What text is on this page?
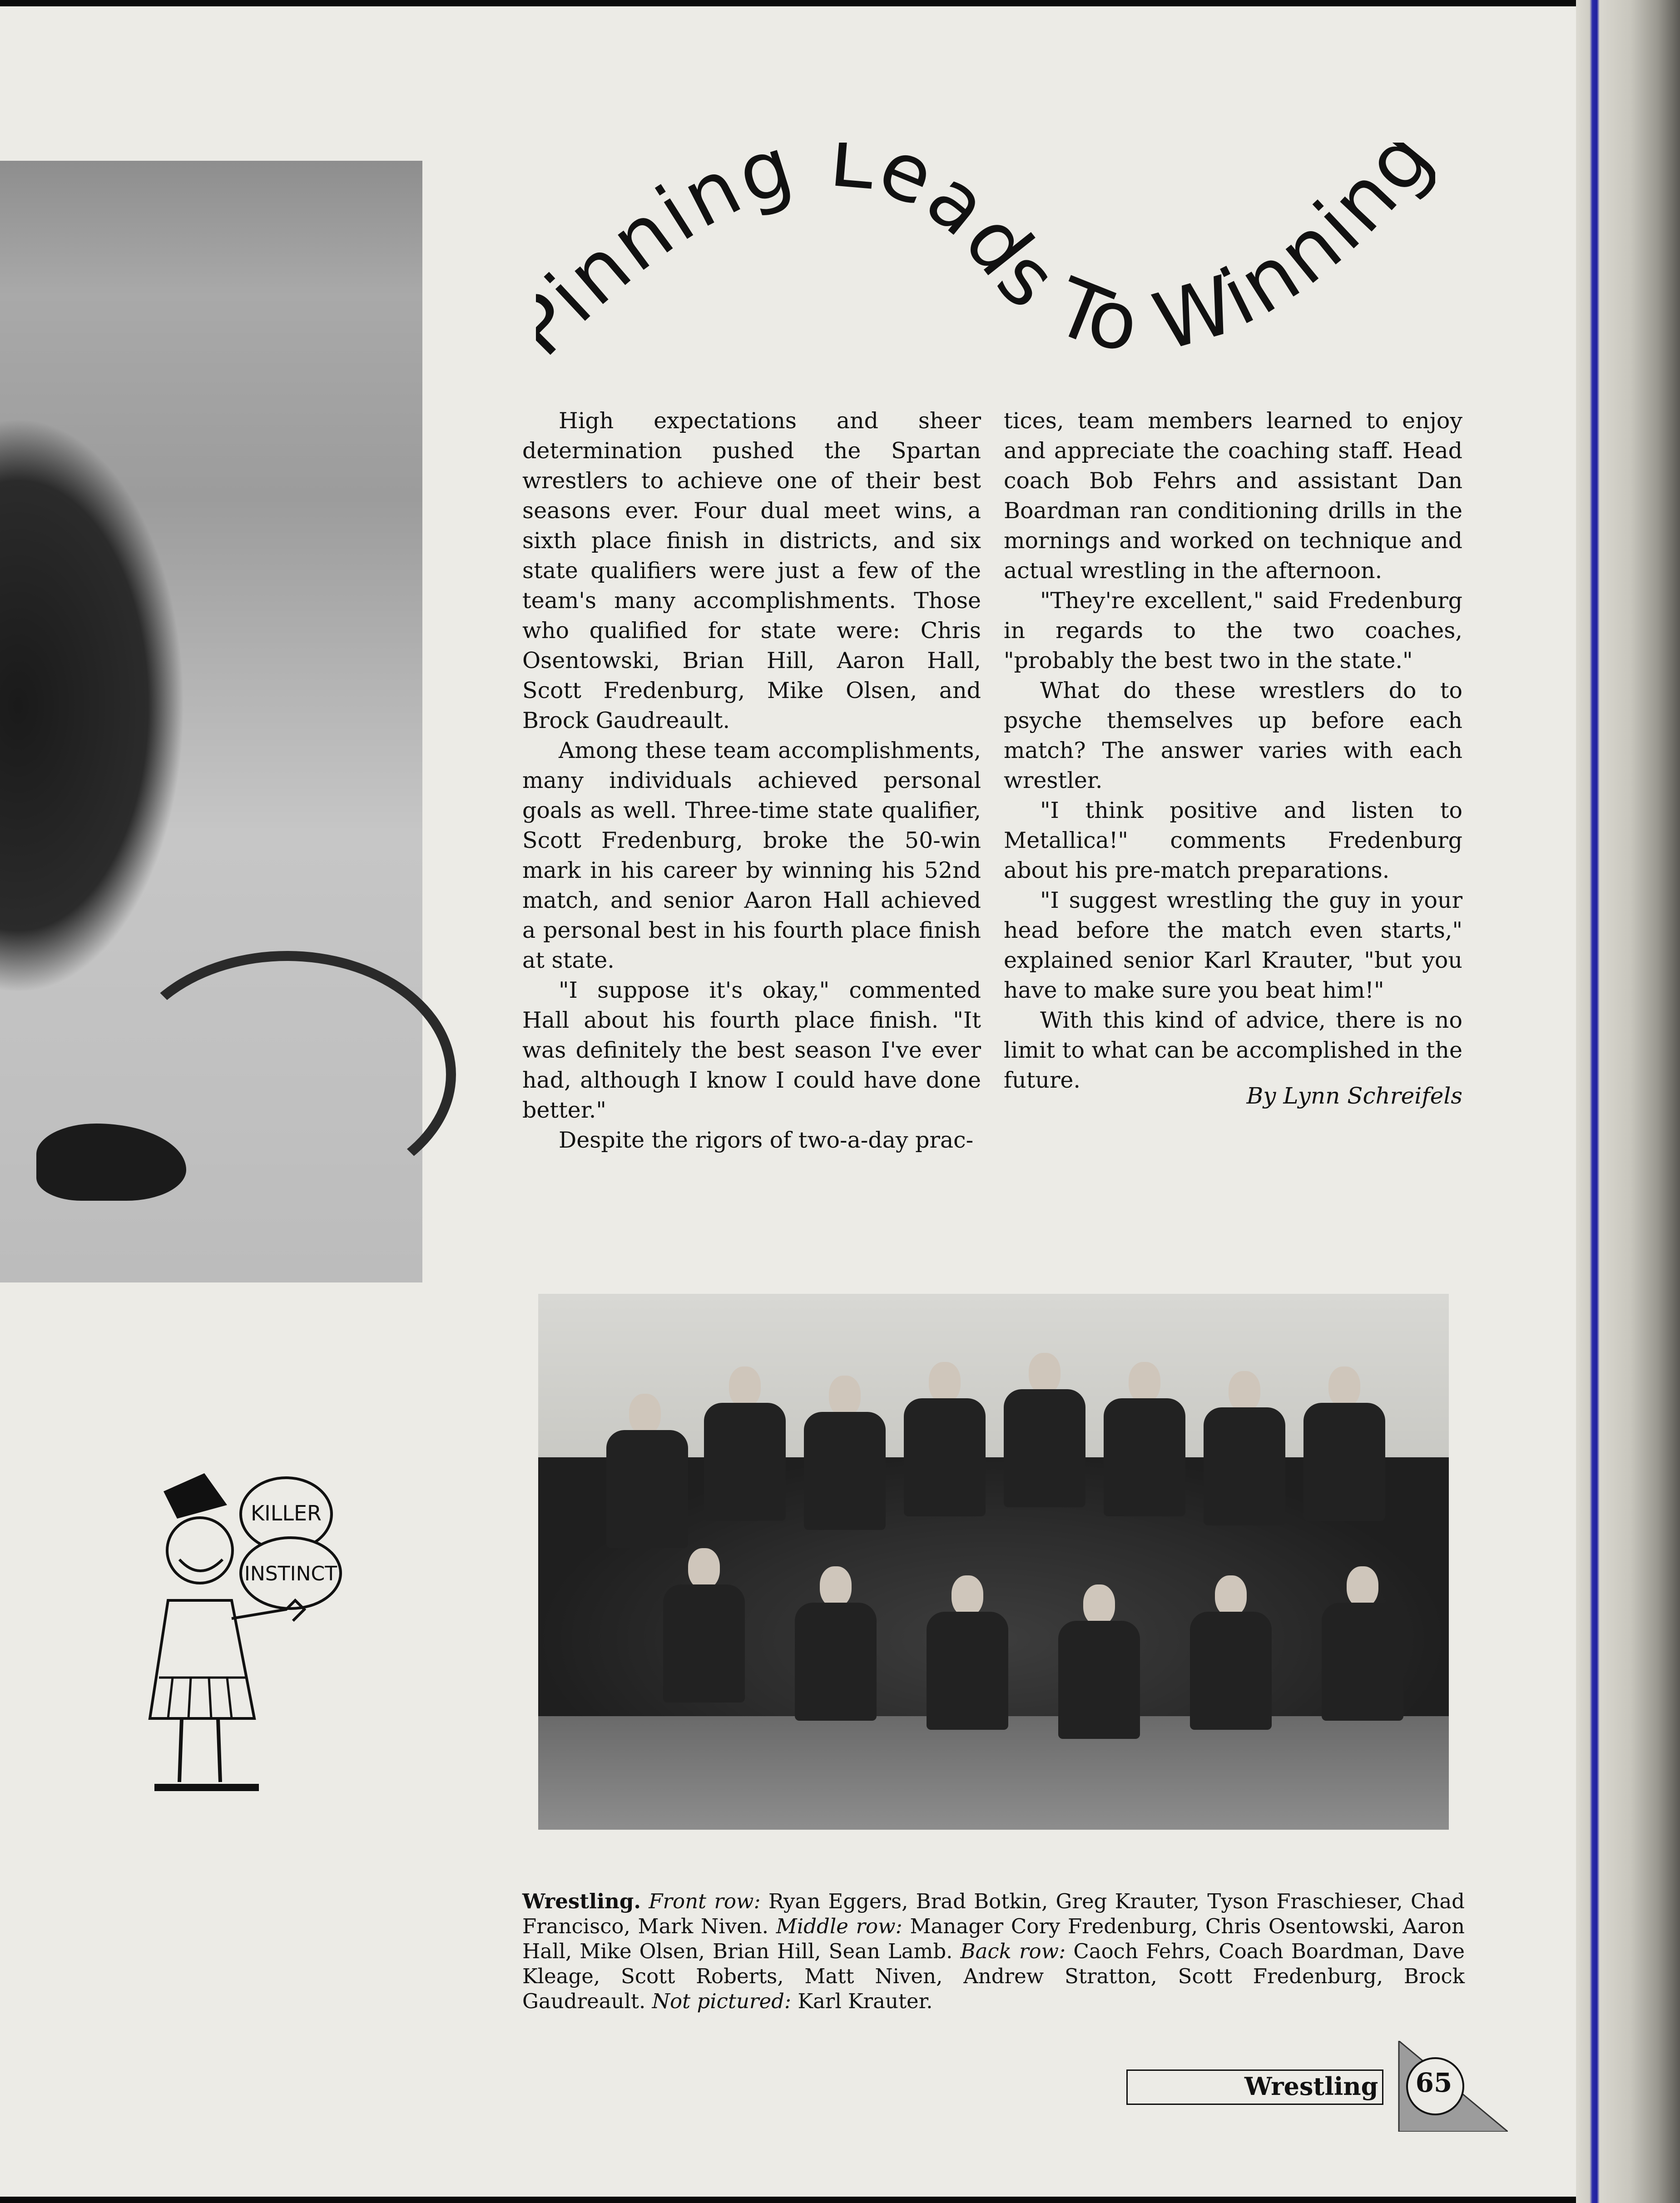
inning Leads To Winnin

High expectations and sheer determination pushed the Spartan wrestlers to achieve one of their best seasons ever. Four dual meet wins, a sixth place finish in districts, and six state qualifiers were just a few of the team's many accomplishments. Those who qualified for state were: Chris Osentowski, Brian Hill, Aaron Hall, Scott Fredenburg, Mike Olsen, and Brock Gaudreault.

Among these team accomplishments, many individuals achieved personal goals as well. Three-time state qualifier, Scott Fredenburg, broke the 50-win mark in his career by winning his 52nd match, and senior Aaron Hall achieved a personal best in his fourth place finish at state.

"I suppose it's okay," commented Hall about his fourth place finish. "It was definitely the best season I've ever had, although I know I could have done better."

Despite the rigors of two-a-day prac-

tices, team members learned to enjoy and appreciate the coaching staff. Head coach Bob Fehrs and assistant Dan Boardman ran conditioning drills in the mornings and worked on technique and actual wrestling in the afternoon.

"They're excellent," said Fredenburg in regards to the two coaches, "probably the best two in the state."

What do these wrestlers do to psyche themselves up before each match? The answer varies with each wrestler.

"I think positive and listen to Metallica!" comments Fredenburg about his pre-match preparations.

"I suggest wrestling the guy in your head before the match even starts," explained senior Karl Krauter, "but you have to make sure you beat him!"

With this kind of advice, there is no limit to what can be accomplished in the future.

By Lynn Schreifels
KILLER
INSTINCT
Wrestling. Front row: Ryan Eggers, Brad Botkin, Greg Krauter, Tyson Fraschieser, Chad Francisco, Mark Niven. Middle row: Manager Cory Fredenburg, Chris Osentowski, Aaron Hall, Mike Olsen, Brian Hill, Sean Lamb. Back row: Caoch Fehrs, Coach Boardman, Dave Kleage, Scott Roberts, Matt Niven, Andrew Stratton, Scott Fredenburg, Brock Gaudreault. Not pictured: Karl Krauter.
Wrestling 65
